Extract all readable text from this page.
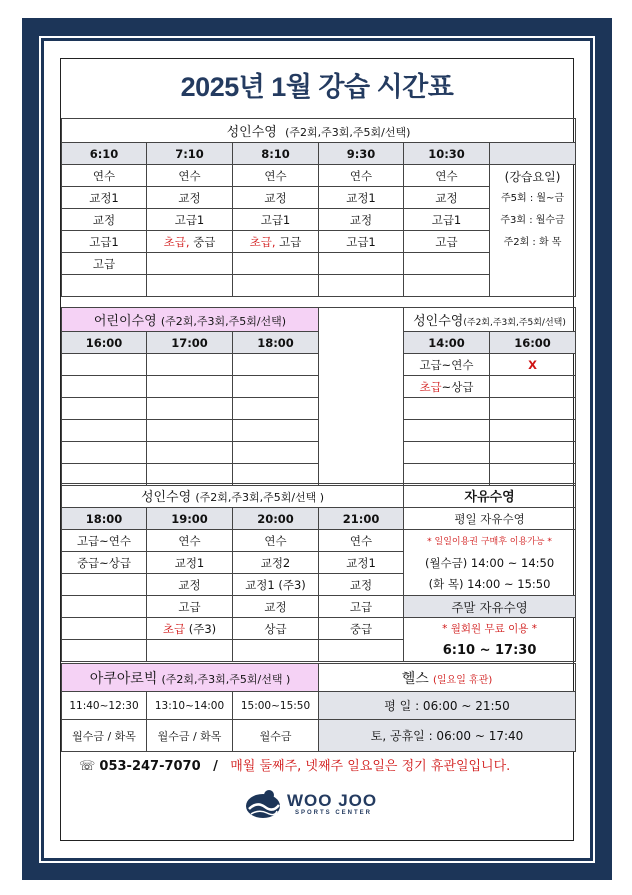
2025년 1월 강습 시간표
성인수영 (주2회,주3회,주5회/선택)					
6:10	7:10	8:10	9:30	10:30	
연수	연수	연수	연수	연수	(강습요일)
주5회 : 월~금
주3회 : 월수금
주2회 : 화 목

교정1	교정	교정	교정1	교정	
교정	고급1	고급1	교정	고급1	
고급1	초급, 중급	초급, 고급	고급1	고급	
고급					

어린이수영 (주2회,주3회,주5회/선택)				성인수영(주2회,주3회,주5회/선택)	
16:00	17:00	18:00		14:00	16:00
				고급~연수	X
				초급~상급	

성인수영 (주2회,주3회,주5회/선택 )				자유수영
18:00	19:00	20:00	21:00	평일 자유수영
고급~연수	연수	연수	연수	* 일일이용권 구매후 이용가능 *
중급~상급	교정1	교정2	교정1	(월수금) 14:00 ~ 14:50
	교정	교정1 (주3)	교정	(화 목) 14:00 ~ 15:50
	고급	교정	고급	주말 자유수영
	초급 (주3)	상급	중급	* 월회원 무료 이용 *
				6:10 ~ 17:30
아쿠아로빅 (주2회,주3회,주5회/선택 )			헬스 (일요일 휴관)
11:40~12:30	13:10~14:00	15:00~15:50	평 일 : 06:00 ~ 21:50
월수금 / 화목	월수금 / 화목	월수금	토, 공휴일 : 06:00 ~ 17:40
☏ 053-247-7070 / 매월 둘째주, 넷째주 일요일은 정기 휴관일입니다.
WOO JOO
SPORTS CENTER
